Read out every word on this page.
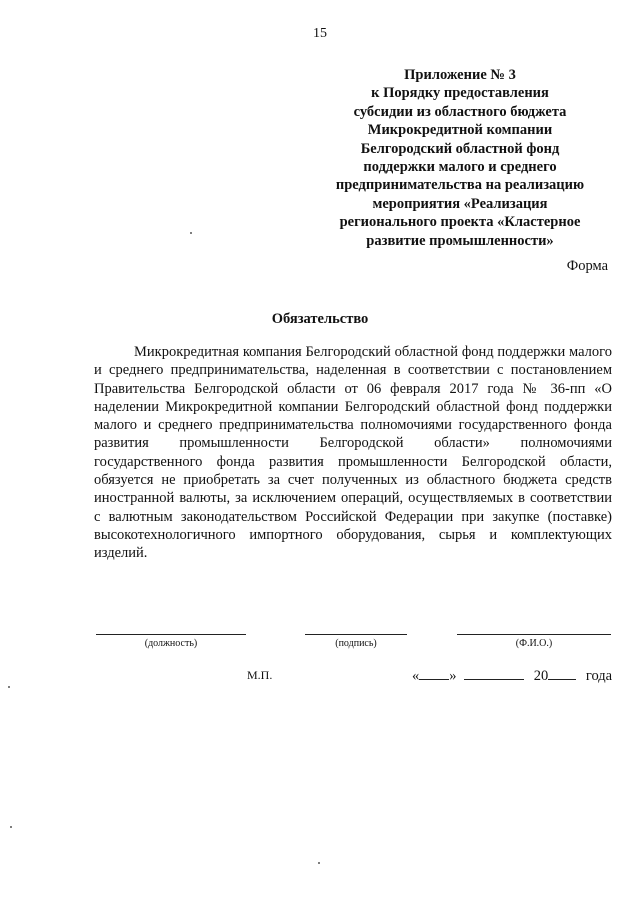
15
Приложение № 3
к Порядку предоставления
субсидии из областного бюджета
Микрокредитной компании
Белгородский областной фонд
поддержки малого и среднего
предпринимательства на реализацию
мероприятия «Реализация
регионального проекта «Кластерное
развитие промышленности»
Форма
Обязательство

Микрокредитная компания Белгородский областной фонд поддержки малого и среднего предпринимательства, наделенная в соответствии с постановлением Правительства Белгородской области от 06 февраля 2017 года № 36-пп «О наделении Микрокредитной компании Белгородский областной фонд поддержки малого и среднего предпринимательства полномочиями государственного фонда развития промышленности Белгородской области» полномочиями государственного фонда развития промышленности Белгородской области, обязуется не приобретать за счет полученных из областного бюджета средств иностранной валюты, за исключением операций, осуществляемых в соответствии с валютным законодательством Российской Федерации при закупке (поставке) высокотехнологичного импортного оборудования, сырья и комплектующих изделий.

(должность)	(подпись)	(Ф.И.О.)
М.П.	« »	20	года
